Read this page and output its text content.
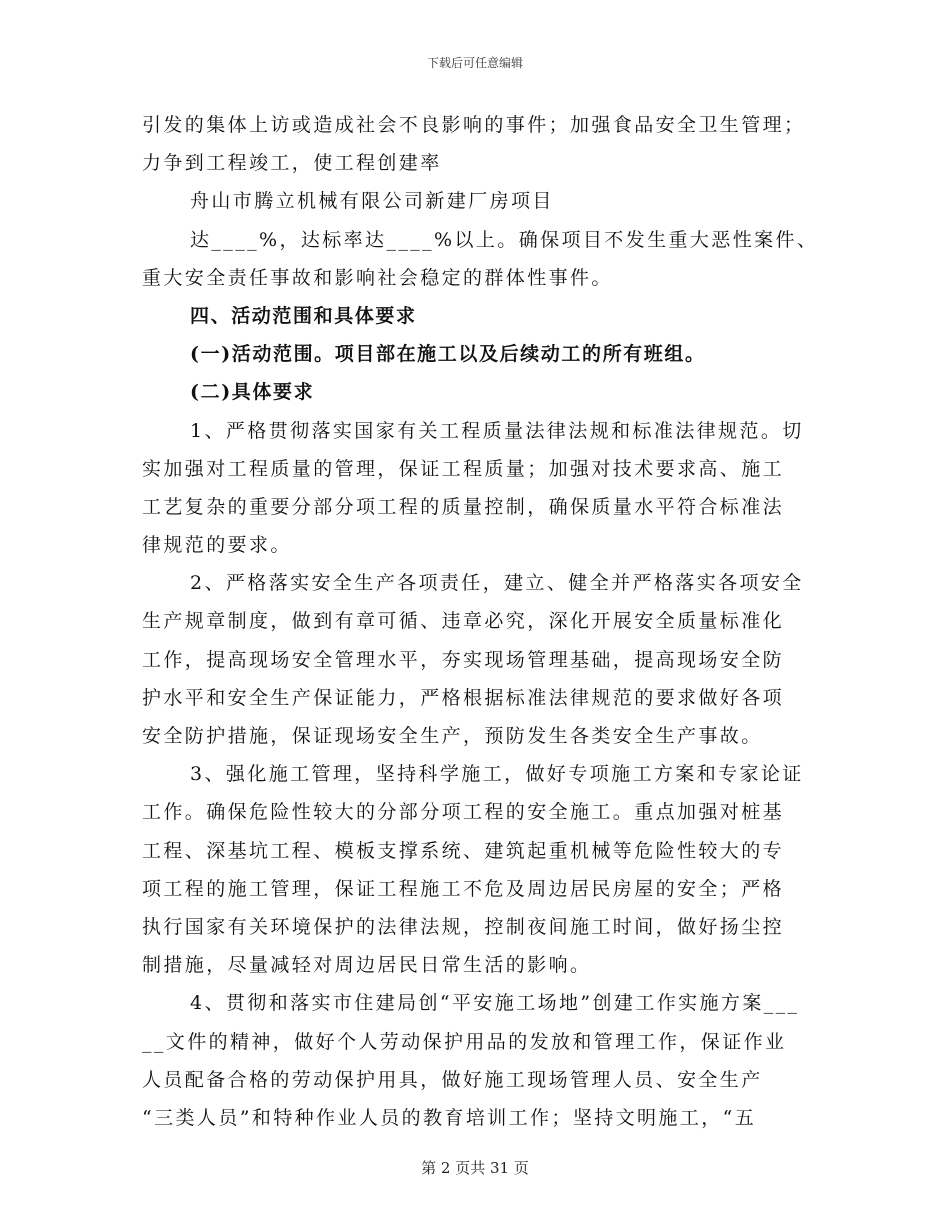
下载后可任意编辑
引发的集体上访或造成社会不良影响的事件；加强食品安全卫生管理；
力争到工程竣工，使工程创建率
舟山市腾立机械有限公司新建厂房项目
达____%，达标率达____%以上。确保项目不发生重大恶性案件、
重大安全责任事故和影响社会稳定的群体性事件。
四、活动范围和具体要求
(一)活动范围。项目部在施工以及后续动工的所有班组。
(二)具体要求
1、严格贯彻落实国家有关工程质量法律法规和标准法律规范。切
实加强对工程质量的管理，保证工程质量；加强对技术要求高、施工
工艺复杂的重要分部分项工程的质量控制，确保质量水平符合标准法
律规范的要求。
2、严格落实安全生产各项责任，建立、健全并严格落实各项安全
生产规章制度，做到有章可循、违章必究，深化开展安全质量标准化
工作，提高现场安全管理水平，夯实现场管理基础，提高现场安全防
护水平和安全生产保证能力，严格根据标准法律规范的要求做好各项
安全防护措施，保证现场安全生产，预防发生各类安全生产事故。
3、强化施工管理，坚持科学施工，做好专项施工方案和专家论证
工作。确保危险性较大的分部分项工程的安全施工。重点加强对桩基
工程、深基坑工程、模板支撑系统、建筑起重机械等危险性较大的专
项工程的施工管理，保证工程施工不危及周边居民房屋的安全；严格
执行国家有关环境保护的法律法规，控制夜间施工时间，做好扬尘控
制措施，尽量减轻对周边居民日常生活的影响。
4、贯彻和落实市住建局创“平安施工场地”创建工作实施方案___
__文件的精神，做好个人劳动保护用品的发放和管理工作，保证作业
人员配备合格的劳动保护用具，做好施工现场管理人员、安全生产
“三类人员”和特种作业人员的教育培训工作；坚持文明施工，“五
第 2 页共 31 页
